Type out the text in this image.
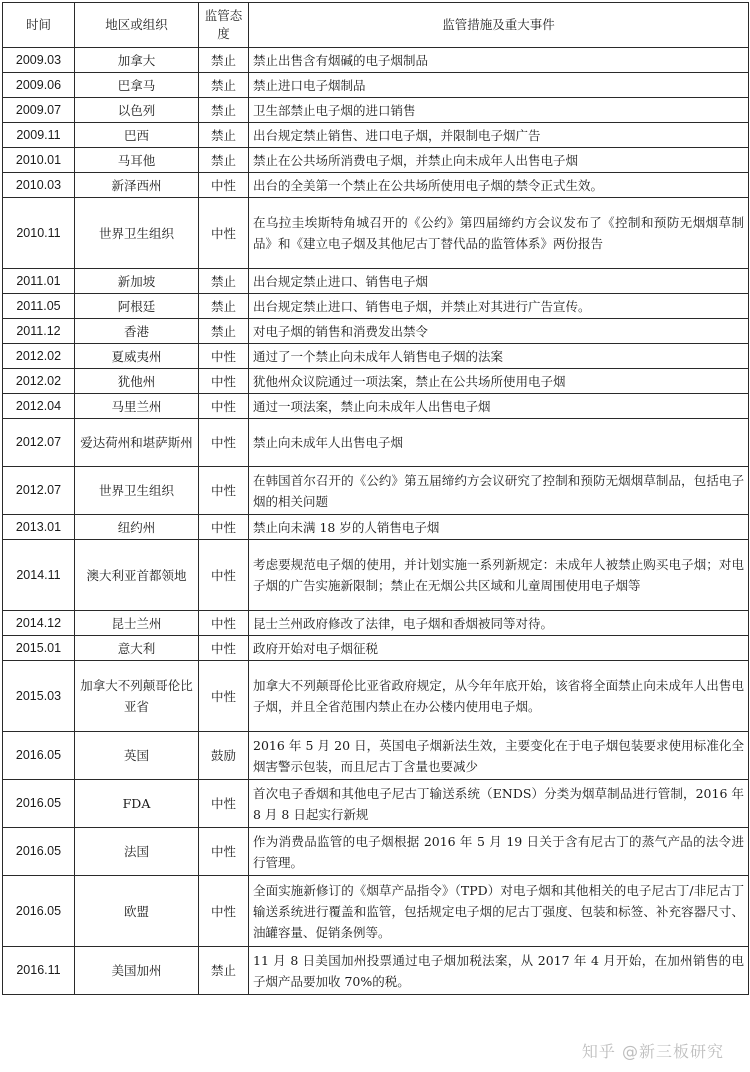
时间	地区或组织	监管态度	监管措施及重大事件
2009.03	加拿大	禁止	禁止出售含有烟碱的电子烟制品
2009.06	巴拿马	禁止	禁止进口电子烟制品
2009.07	以色列	禁止	卫生部禁止电子烟的进口销售
2009.11	巴西	禁止	出台规定禁止销售、进口电子烟，并限制电子烟广告
2010.01	马耳他	禁止	禁止在公共场所消费电子烟，并禁止向未成年人出售电子烟
2010.03	新泽西州	中性	出台的全美第一个禁止在公共场所使用电子烟的禁令正式生效。
2010.11	世界卫生组织	中性	在乌拉圭埃斯特角城召开的《公约》第四届缔约方会议发布了《控制和预防无烟烟草制品》和《建立电子烟及其他尼古丁替代品的监管体系》两份报告
2011.01	新加坡	禁止	出台规定禁止进口、销售电子烟
2011.05	阿根廷	禁止	出台规定禁止进口、销售电子烟，并禁止对其进行广告宣传。
2011.12	香港	禁止	对电子烟的销售和消费发出禁令
2012.02	夏威夷州	中性	通过了一个禁止向未成年人销售电子烟的法案
2012.02	犹他州	中性	犹他州众议院通过一项法案，禁止在公共场所使用电子烟
2012.04	马里兰州	中性	通过一项法案，禁止向未成年人出售电子烟
2012.07	爱达荷州和堪萨斯州	中性	禁止向未成年人出售电子烟
2012.07	世界卫生组织	中性	在韩国首尔召开的《公约》第五届缔约方会议研究了控制和预防无烟烟草制品，包括电子烟的相关问题
2013.01	纽约州	中性	禁止向未满 18 岁的人销售电子烟
2014.11	澳大利亚首都领地	中性	考虑要规范电子烟的使用，并计划实施一系列新规定：未成年人被禁止购买电子烟；对电子烟的广告实施新限制；禁止在无烟公共区域和儿童周围使用电子烟等
2014.12	昆士兰州	中性	昆士兰州政府修改了法律，电子烟和香烟被同等对待。
2015.01	意大利	中性	政府开始对电子烟征税
2015.03	加拿大不列颠哥伦比亚省	中性	加拿大不列颠哥伦比亚省政府规定，从今年年底开始，该省将全面禁止向未成年人出售电子烟，并且全省范围内禁止在办公楼内使用电子烟。
2016.05	英国	鼓励	2016 年 5 月 20 日，英国电子烟新法生效，主要变化在于电子烟包装要求使用标准化全烟害警示包装，而且尼古丁含量也要减少
2016.05	FDA	中性	首次电子香烟和其他电子尼古丁输送系统（ENDS）分类为烟草制品进行管制，2016 年 8 月 8 日起实行新规
2016.05	法国	中性	作为消费品监管的电子烟根据 2016 年 5 月 19 日关于含有尼古丁的蒸气产品的法令进行管理。
2016.05	欧盟	中性	全面实施新修订的《烟草产品指令》（TPD）对电子烟和其他相关的电子尼古丁/非尼古丁输送系统进行覆盖和监管，包括规定电子烟的尼古丁强度、包装和标签、补充容器尺寸、油罐容量、促销条例等。
2016.11	美国加州	禁止	11 月 8 日美国加州投票通过电子烟加税法案，从 2017 年 4 月开始，在加州销售的电子烟产品要加收 70%的税。
知乎 @新三板研究
